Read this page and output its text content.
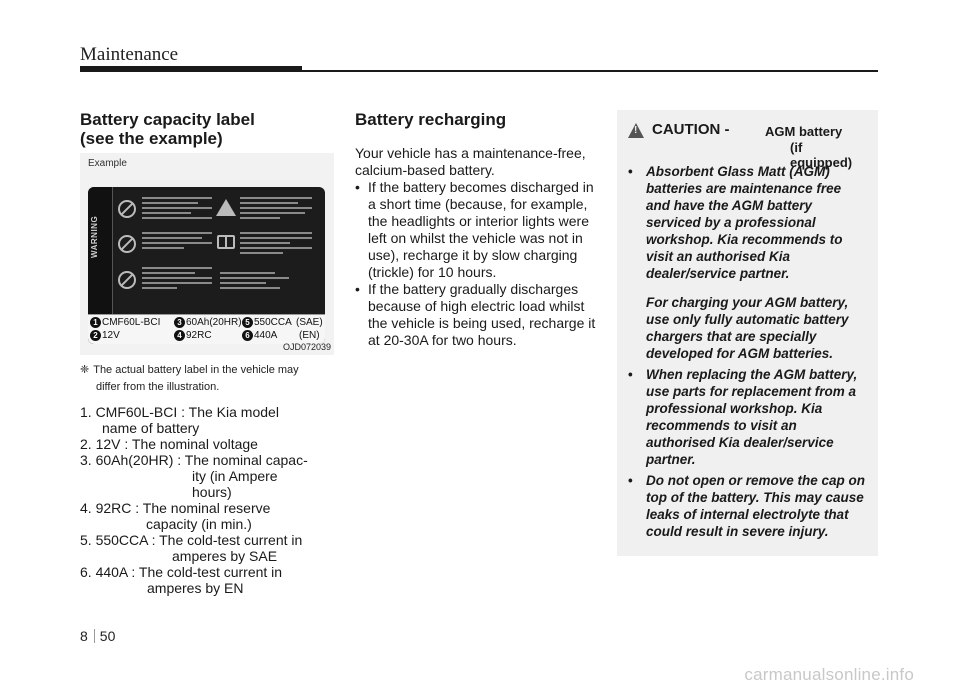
Maintenance

Battery capacity label

(see the example)

Example
WARNING
1 CMF60L-BCI
2 12V
3 60Ah(20HR)
4 92RC
5 550CCA
6 440A
(SAE)
(EN)
OJD072039
❈ The actual battery label in the vehicle may
differ from the illustration.
1. CMF60L-BCI : The Kia model
name of battery
2. 12V : The nominal voltage
3. 60Ah(20HR) : The nominal capac-
ity (in Ampere
hours)
4. 92RC : The nominal reserve
capacity (in min.)
5. 550CCA : The cold-test current in
amperes by SAE
6. 440A : The cold-test current in
amperes by EN

Battery recharging

Your vehicle has a maintenance-free, calcium-based battery.

• If the battery becomes discharged in a short time (because, for example, the headlights or interior lights were left on whilst the vehicle was not in use), recharge it by slow charging (trickle) for 10 hours.

• If the battery gradually discharges because of high electric load whilst the vehicle is being used, recharge it at 20-30A for two hours.

!
CAUTION -	AGM battery
(if equipped)
• Absorbent Glass Matt (AGM) batteries are maintenance free and have the AGM battery serviced by a professional workshop. Kia recommends to visit an authorised Kia dealer/service partner.
For charging your AGM battery, use only fully automatic battery chargers that are specially developed for AGM batteries.
• When replacing the AGM battery, use parts for replacement from a professional workshop. Kia recommends to visit an authorised Kia dealer/service partner.
• Do not open or remove the cap on top of the battery. This may cause leaks of internal electrolyte that could result in severe injury.
8 50
carmanualsonline.info
